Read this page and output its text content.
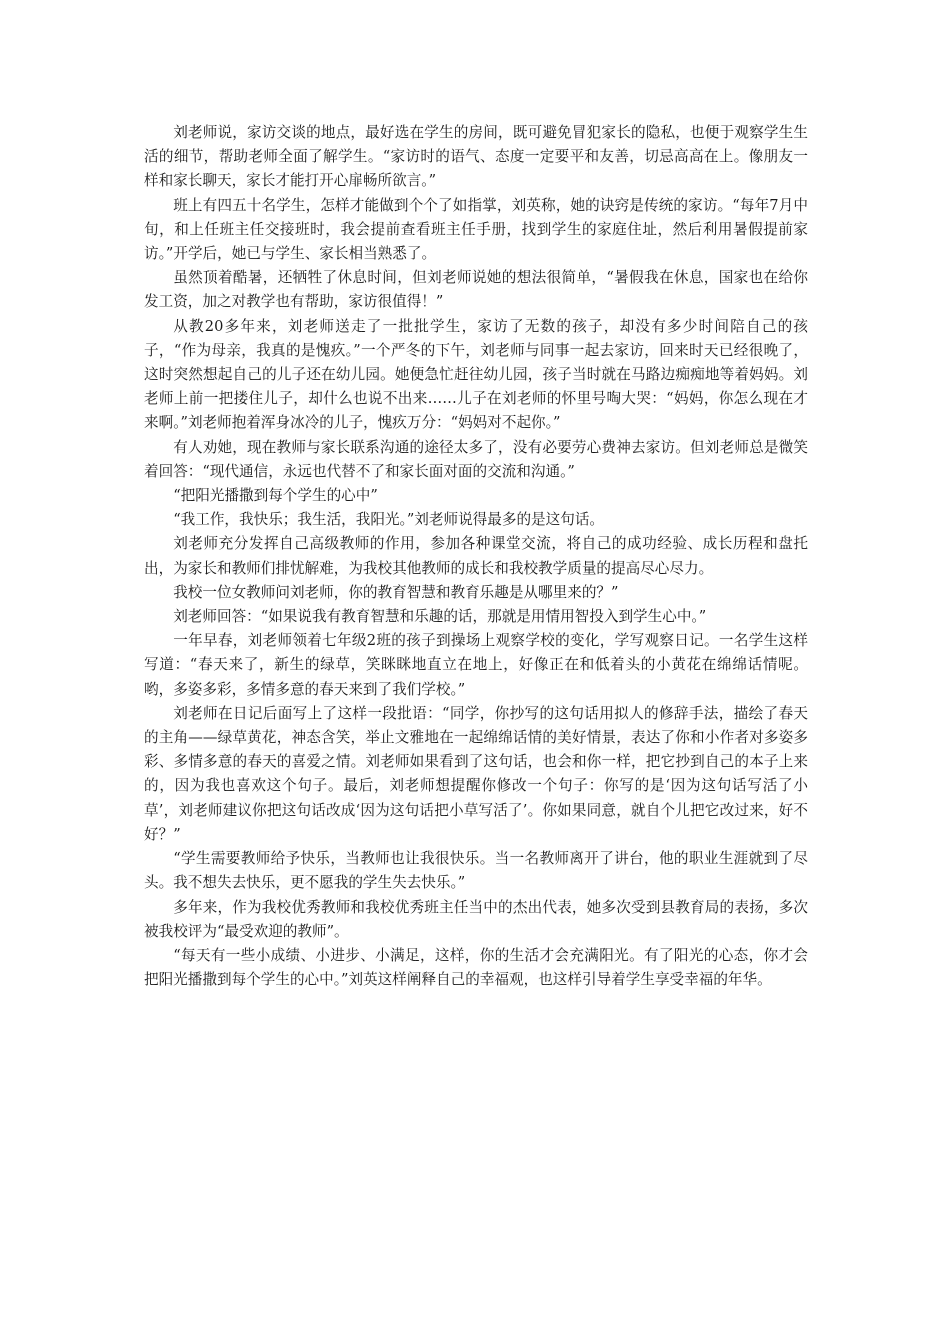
刘老师说，家访交谈的地点，最好选在学生的房间，既可避免冒犯家长的隐私，也便于观察学生生活的细节，帮助老师全面了解学生。“家访时的语气、态度一定要平和友善，切忌高高在上。像朋友一样和家长聊天，家长才能打开心扉畅所欲言。”

班上有四五十名学生，怎样才能做到个个了如指掌，刘英称，她的诀窍是传统的家访。“每年7月中旬，和上任班主任交接班时，我会提前查看班主任手册，找到学生的家庭住址，然后利用暑假提前家访。”开学后，她已与学生、家长相当熟悉了。

虽然顶着酷暑，还牺牲了休息时间，但刘老师说她的想法很简单，“暑假我在休息，国家也在给你发工资，加之对教学也有帮助，家访很值得！”

从教20多年来，刘老师送走了一批批学生，家访了无数的孩子，却没有多少时间陪自己的孩子，“作为母亲，我真的是愧疚。”一个严冬的下午，刘老师与同事一起去家访，回来时天已经很晚了，这时突然想起自己的儿子还在幼儿园。她便急忙赶往幼儿园，孩子当时就在马路边痴痴地等着妈妈。刘老师上前一把搂住儿子，却什么也说不出来……儿子在刘老师的怀里号啕大哭：“妈妈，你怎么现在才来啊。”刘老师抱着浑身冰冷的儿子，愧疚万分：“妈妈对不起你。”

有人劝她，现在教师与家长联系沟通的途径太多了，没有必要劳心费神去家访。但刘老师总是微笑着回答：“现代通信，永远也代替不了和家长面对面的交流和沟通。”

“把阳光播撒到每个学生的心中”

“我工作，我快乐；我生活，我阳光。”刘老师说得最多的是这句话。

刘老师充分发挥自己高级教师的作用，参加各种课堂交流，将自己的成功经验、成长历程和盘托出，为家长和教师们排忧解难，为我校其他教师的成长和我校教学质量的提高尽心尽力。

我校一位女教师问刘老师，你的教育智慧和教育乐趣是从哪里来的？”

刘老师回答：“如果说我有教育智慧和乐趣的话，那就是用情用智投入到学生心中。”

一年早春，刘老师领着七年级2班的孩子到操场上观察学校的变化，学写观察日记。一名学生这样写道：“春天来了，新生的绿草，笑眯眯地直立在地上，好像正在和低着头的小黄花在绵绵话情呢。哟，多姿多彩，多情多意的春天来到了我们学校。”

刘老师在日记后面写上了这样一段批语：“同学，你抄写的这句话用拟人的修辞手法，描绘了春天的主角——绿草黄花，神态含笑，举止文雅地在一起绵绵话情的美好情景，表达了你和小作者对多姿多彩、多情多意的春天的喜爱之情。刘老师如果看到了这句话，也会和你一样，把它抄到自己的本子上来的，因为我也喜欢这个句子。最后，刘老师想提醒你修改一个句子：你写的是‘因为这句话写活了小草’，刘老师建议你把这句话改成‘因为这句话把小草写活了’。你如果同意，就自个儿把它改过来，好不好？”

“学生需要教师给予快乐，当教师也让我很快乐。当一名教师离开了讲台，他的职业生涯就到了尽头。我不想失去快乐，更不愿我的学生失去快乐。”

多年来，作为我校优秀教师和我校优秀班主任当中的杰出代表，她多次受到县教育局的表扬，多次被我校评为“最受欢迎的教师”。

“每天有一些小成绩、小进步、小满足，这样，你的生活才会充满阳光。有了阳光的心态，你才会把阳光播撒到每个学生的心中。”刘英这样阐释自己的幸福观，也这样引导着学生享受幸福的年华。
